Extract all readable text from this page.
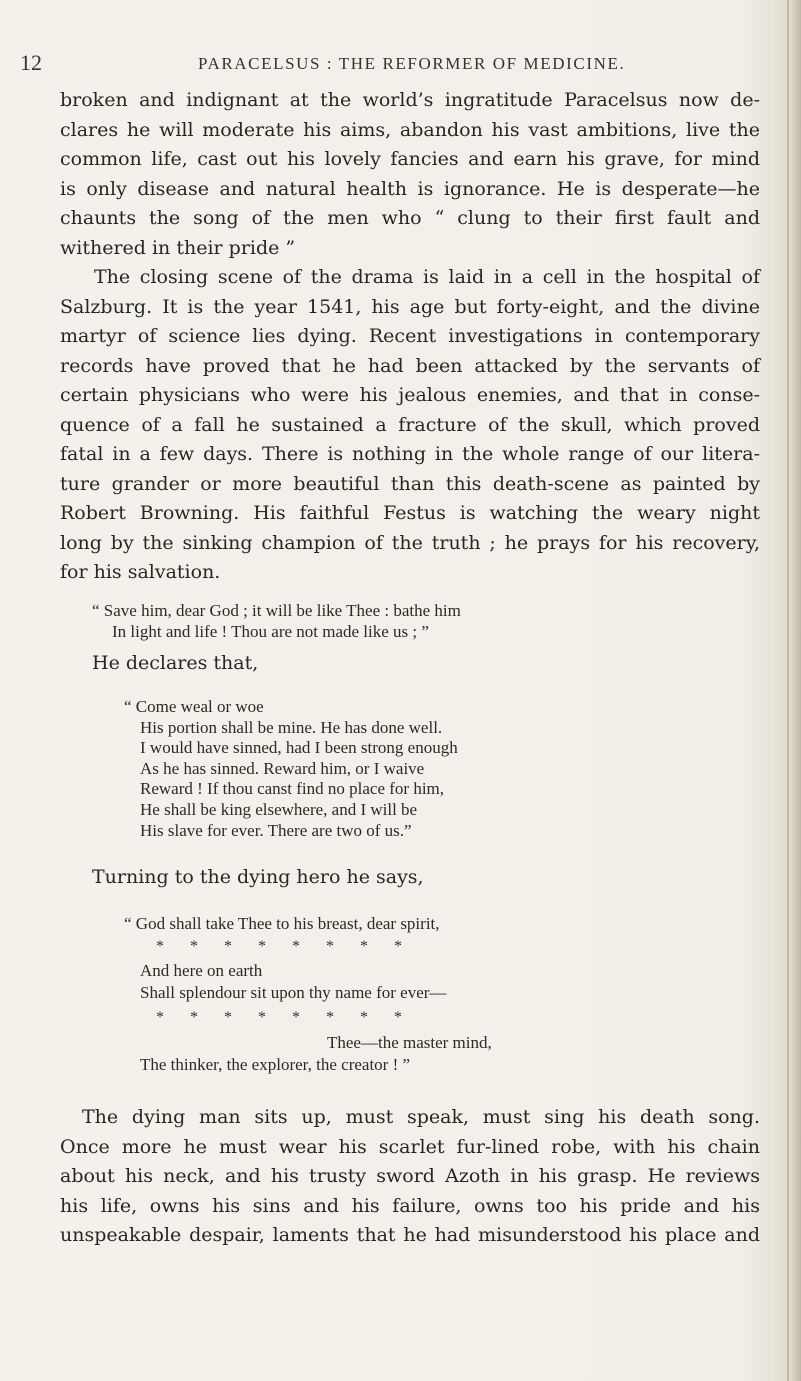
12	PARACELSUS : THE REFORMER OF MEDICINE.
broken and indignant at the world’s ingratitude Paracelsus now de-
clares he will moderate his aims, abandon his vast ambitions, live the
common life, cast out his lovely fancies and earn his grave, for mind
is only disease and natural health is ignorance. He is desperate—he
chaunts the song of the men who “ clung to their first fault and
withered in their pride ”
The closing scene of the drama is laid in a cell in the hospital of
Salzburg. It is the year 1541, his age but forty-eight, and the divine
martyr of science lies dying. Recent investigations in contemporary
records have proved that he had been attacked by the servants of
certain physicians who were his jealous enemies, and that in conse-
quence of a fall he sustained a fracture of the skull, which proved
fatal in a few days. There is nothing in the whole range of our litera-
ture grander or more beautiful than this death-scene as painted by
Robert Browning. His faithful Festus is watching the weary night
long by the sinking champion of the truth ; he prays for his recovery,
for his salvation.
“ Save him, dear God ; it will be like Thee : bathe him
In light and life ! Thou are not made like us ; ”
He declares that,
“ Come weal or woe
His portion shall be mine. He has done well.
I would have sinned, had I been strong enough
As he has sinned. Reward him, or I waive
Reward ! If thou canst find no place for him,
He shall be king elsewhere, and I will be
His slave for ever. There are two of us.”
Turning to the dying hero he says,
“ God shall take Thee to his breast, dear spirit,
* * * * * * * *
And here on earth
Shall splendour sit upon thy name for ever—
* * * * * * * *
Thee—the master mind,
The thinker, the explorer, the creator ! ”
The dying man sits up, must speak, must sing his death song.
Once more he must wear his scarlet fur-lined robe, with his chain
about his neck, and his trusty sword Azoth in his grasp. He reviews
his life, owns his sins and his failure, owns too his pride and his
unspeakable despair, laments that he had misunderstood his place and
